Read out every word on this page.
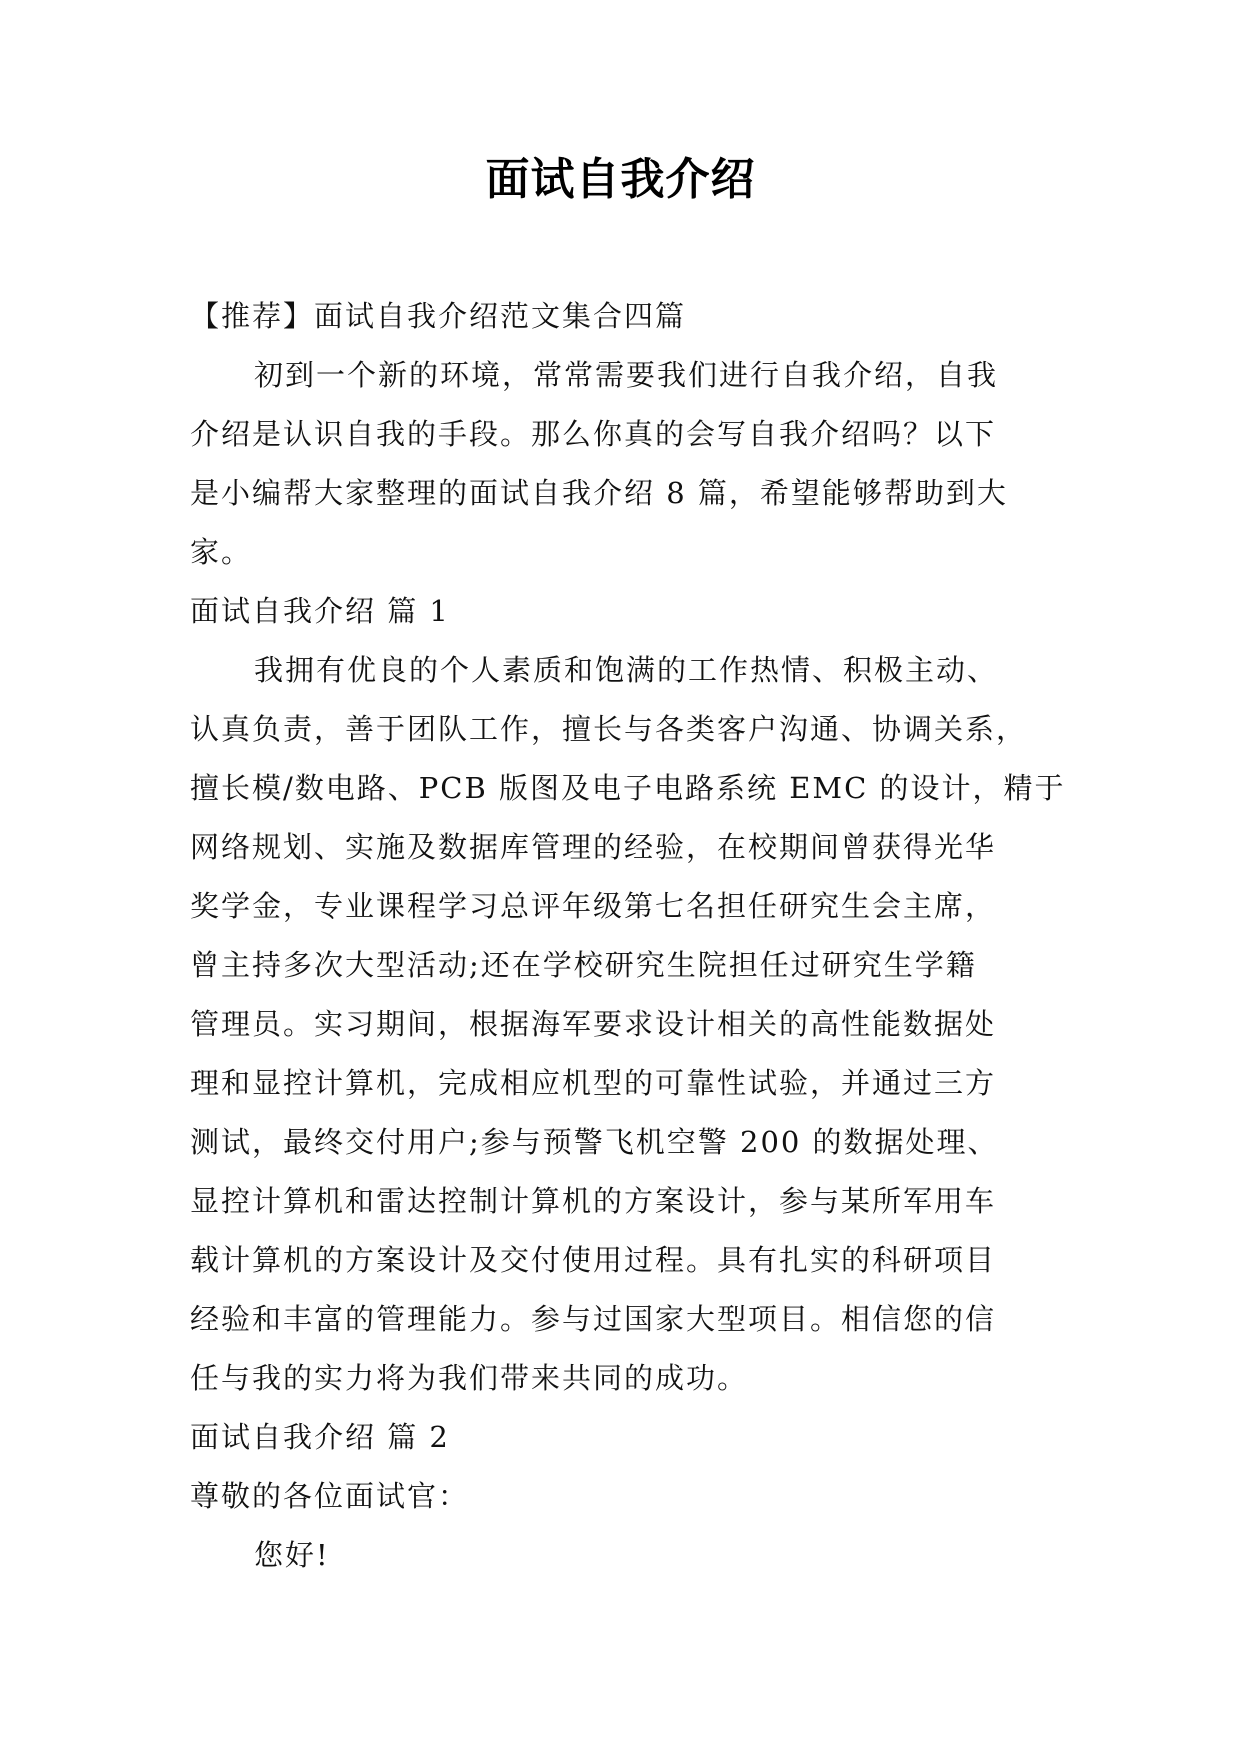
面试自我介绍
【推荐】面试自我介绍范文集合四篇
初到一个新的环境，常常需要我们进行自我介绍，自我
介绍是认识自我的手段。那么你真的会写自我介绍吗？以下
是小编帮大家整理的面试自我介绍 8 篇，希望能够帮助到大
家。
面试自我介绍 篇 1
我拥有优良的个人素质和饱满的工作热情、积极主动、
认真负责，善于团队工作，擅长与各类客户沟通、协调关系，
擅长模/数电路、PCB 版图及电子电路系统 EMC 的设计，精于
网络规划、实施及数据库管理的经验，在校期间曾获得光华
奖学金，专业课程学习总评年级第七名担任研究生会主席，
曾主持多次大型活动;还在学校研究生院担任过研究生学籍
管理员。实习期间，根据海军要求设计相关的高性能数据处
理和显控计算机，完成相应机型的可靠性试验，并通过三方
测试，最终交付用户;参与预警飞机空警 200 的数据处理、
显控计算机和雷达控制计算机的方案设计，参与某所军用车
载计算机的方案设计及交付使用过程。具有扎实的科研项目
经验和丰富的管理能力。参与过国家大型项目。相信您的信
任与我的实力将为我们带来共同的成功。
面试自我介绍 篇 2
尊敬的各位面试官：
您好!
